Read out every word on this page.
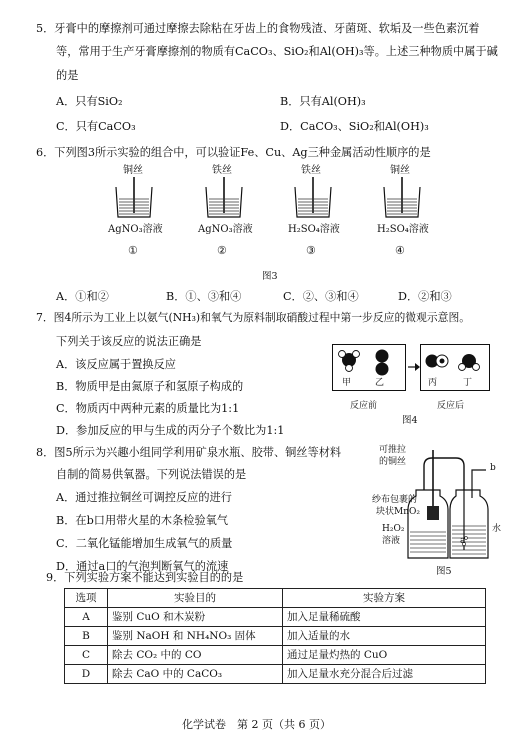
5．牙膏中的摩擦剂可通过摩擦去除粘在牙齿上的食物残渣、牙菌斑、软垢及一些色素沉着
等，常用于生产牙膏摩擦剂的物质有CaCO₃、SiO₂和Al(OH)₃等。上述三种物质中属于碱
的是
A．只有SiO₂	B．只有Al(OH)₃
C．只有CaCO₃	D．CaCO₃、SiO₂和Al(OH)₃
6．下列图3所示实验的组合中，可以验证Fe、Cu、Ag三种金属活动性顺序的是
铜丝
AgNO₃溶液
①
铁丝
AgNO₃溶液
②
铁丝
H₂SO₄溶液
③
铜丝
H₂SO₄溶液
④
图3
A．①和②	B．①、③和④	C．②、③和④	D．②和③
7．图4所示为工业上以氨气(NH₃)和氧气为原料制取硝酸过程中第一步反应的微观示意图。
下列关于该反应的说法正确是
A．该反应属于置换反应
B．物质甲是由氮原子和氢原子构成的
C．物质丙中两种元素的质量比为1:1
D．参加反应的甲与生成的丙分子个数比为1:1
甲	乙	丙	丁
反应前	反应后
图4
8．图5所示为兴趣小组同学利用矿泉水瓶、胶带、铜丝等材料
自制的简易供氧器。下列说法错误的是
A．通过推拉铜丝可调控反应的进行
B．在b口用带火星的木条检验氧气
C．二氧化锰能增加生成氧气的质量
D．通过a口的气泡判断氧气的流速
可推拉
的铜丝
b
纱布包裹的
块状MnO₂
H₂O₂
溶液
水
a
图5
9．下列实验方案不能达到实验目的的是
选项	实验目的	实验方案
A	鉴别 CuO 和木炭粉	加入足量稀硫酸
B	鉴别 NaOH 和 NH₄NO₃ 固体	加入适量的水
C	除去 CO₂ 中的 CO	通过足量灼热的 CuO
D	除去 CaO 中的 CaCO₃	加入足量水充分混合后过滤
化学试卷　第 2 页（共 6 页）
